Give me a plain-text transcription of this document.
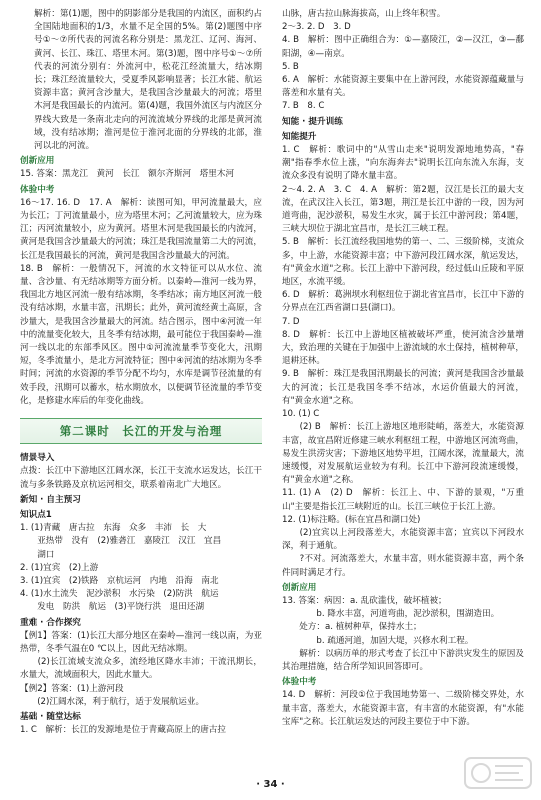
解析：第(1)题，图中的阴影部分是我国的内流区，面积约占全国陆地面积的1/3，水量不足全国的5%。第(2)题图中序号①～⑦所代表的河流名称分别是：黑龙江、辽河、海河、黄河、长江、珠江、塔里木河。第(3)题，图中序号①～⑦所代表的河流分别有：外流河中，松花江经流量大，结冰期长；珠江经流量较大，受夏季风影响显著；长江水能、航运资源丰富；黄河含沙量大，是我国含沙量最大的河流；塔里木河是我国最长的内流河。第(4)题，我国外流区与内流区分界线大致是一条南北走向的河流流域分界线的北部是黄河流域，没有结冰期；淮河是位于淮河北面的分界线的北部，淮河以北的河流。

创新应用

15. 答案：黑龙江　黄河　长江　额尔齐斯河　塔里木河

体验中考

16～17. 16. D　17. A　解析：读图可知，甲河流量最大，应为长江；丁河流量最小，应为塔里木河；乙河流量较大，应为珠江；丙河流量较小，应为黄河。塔里木河是我国最长的内流河，黄河是我国含沙量最大的河流；珠江是我国流量第二大的河流，长江是我国最长的河流，黄河是我国含沙量最大的河流。

18. B　解析：一般情况下，河流的水文特征可以从水位、流量、含沙量、有无结冰期等方面分析。以秦岭—淮河一线为界，我国北方地区河流一般有结冰期，冬季结冰；南方地区河流一般没有结冰期，水量丰富，汛期长；此外，黄河流经黄土高原，含沙量大，是我国含沙量最大的河流。结合图示，图中④河流一年中的流量变化较大，且冬季有结冰期，最可能位于我国秦岭—淮河一线以北的东部季风区。图中①河流流量季节变化大，汛期短，冬季流量小，是北方河流特征；图中④河流的结冰期为冬季时间；河流的水资源的季节分配不均匀，水库是调节径流量的有效手段，汛期可以蓄水，枯水期放水，以便调节径流量的季节变化，是修建水库后的年变化曲线。

第二课时　长江的开发与治理

情景导入

点拨：长江中下游地区江阔水深，长江干支流水运发达，长江干流与多条铁路及京杭运河相交，联系着南北广大地区。

新知 · 自主预习

知识点1

1. (1)青藏　唐古拉　东海　众多　丰沛　长　大

　　亚热带　没有　(2)雅砻江　嘉陵江　汉江　宜昌

　　湖口

2. (1)宜宾　(2)上游

3. (1)宜宾　(2)铁路　京杭运河　内地　沿海　南北

4. (1)水土流失　泥沙淤积　水污染　(2)防洪　航运

　　发电　防洪　航运　(3)平饶行洪　退田还湖

重难 · 合作探究

【例1】答案：(1)长江大部分地区在秦岭—淮河一线以南，为亚热带，冬季气温在0 ℃以上，因此无结冰期。

　　(2)长江流域支流众多，流经地区降水丰沛；干流汛期长，水量大，流域面积大，因此水量大。

【例2】答案：(1)上游河段

　　(2)江阔水深，利于航行，适于发展航运业。

基础 · 随堂达标

1. C　解析：长江的发源地是位于青藏高原上的唐古拉

山脉，唐古拉山脉海拔高，山上终年积雪。

2～3. 2. D　3. D

4. B　解析：图中正确组合为：①—嘉陵江，②—汉江，③—鄱阳湖，④—南京。

5. B

6. A　解析：水能资源主要集中在上游河段，水能资源蕴藏量与落差和水量有关。

7. B　8. C

知能 · 提升训练

知能提升

1. C　解析：歌词中的"从雪山走来"说明发源地地势高，"春潮"指春季水位上涨，"向东海奔去"说明长江向东流入东海，支流众多没有说明了降水量丰富。

2～4. 2. A　3. C　4. A　解析：第2题，汉江是长江的最大支流，在武汉注入长江，第3题，荆江是长江中游的一段，因为河道弯曲，泥沙淤积，易发生水灾，属于长江中游河段；第4题，三峡大坝位于湖北宜昌市，是长江三峡工程。

5. B　解析：长江流经我国地势的第一、二、三级阶梯，支流众多，中上游，水能资源丰富；中下游河段江阔水深，航运发达，有"黄金水道"之称。长江上游中下游河段，经过低山丘陵和平原地区，水流平缓。

6. D　解析：葛洲坝水利枢纽位于湖北省宜昌市，长江中下游的分界点在江西省湖口县(湖口)。

7. D

8. D　解析：长江中上游地区植被破坏严重，使河流含沙量增大，致治理的关键在于加强中上游流域的水土保持，植树种草，退耕还林。

9. B　解析：珠江是我国汛期最长的河流；黄河是我国含沙量最大的河流；长江是我国冬季不结冰，水运价值最大的河流，有"黄金水道"之称。

10. (1) C

　　(2) B　解析：长江上游地区地形陡峭，落差大，水能资源丰富，故宜昌附近修建三峡水利枢纽工程，中游地区河流弯曲，易发生洪涝灾害；下游地区地势平坦，江阔水深，流量最大，流速缓慢，对发展航运业较为有利。长江中下游河段流速缓慢，有"黄金水道"之称。

11. (1) A　(2) D　解析：长江上、中、下游的景观，"万重山"主要是指长江三峡附近的山。长江三峡位于长江上游。

12. (1)标注略。(标在宜昌和湖口处)

　　(2)宜宾以上河段落差大，水能资源丰富；宜宾以下河段水深，利于通航。

　　?不对。河流落差大，水量丰富，则水能资源丰富，两个条件同时满足才行。

创新应用

13. 答案：病因：a. 乱砍滥伐，破坏植被；

　　　　b. 降水丰富，河道弯曲，泥沙淤积，围湖造田。

　　处方：a. 植树种草，保持水土；

　　　　b. 疏通河道，加固大堤，兴修水利工程。

　　解析：以病历单的形式考查了长江中下游洪灾发生的原因及其治理措施，结合所学知识回答即可。

体验中考

14. D　解析：河段①位于我国地势第一、二级阶梯交界处，水量丰富，落差大，水能资源丰富，有丰富的水能资源，有"水能宝库"之称。长江航运发达的河段主要位于中下游。

· 34 ·
